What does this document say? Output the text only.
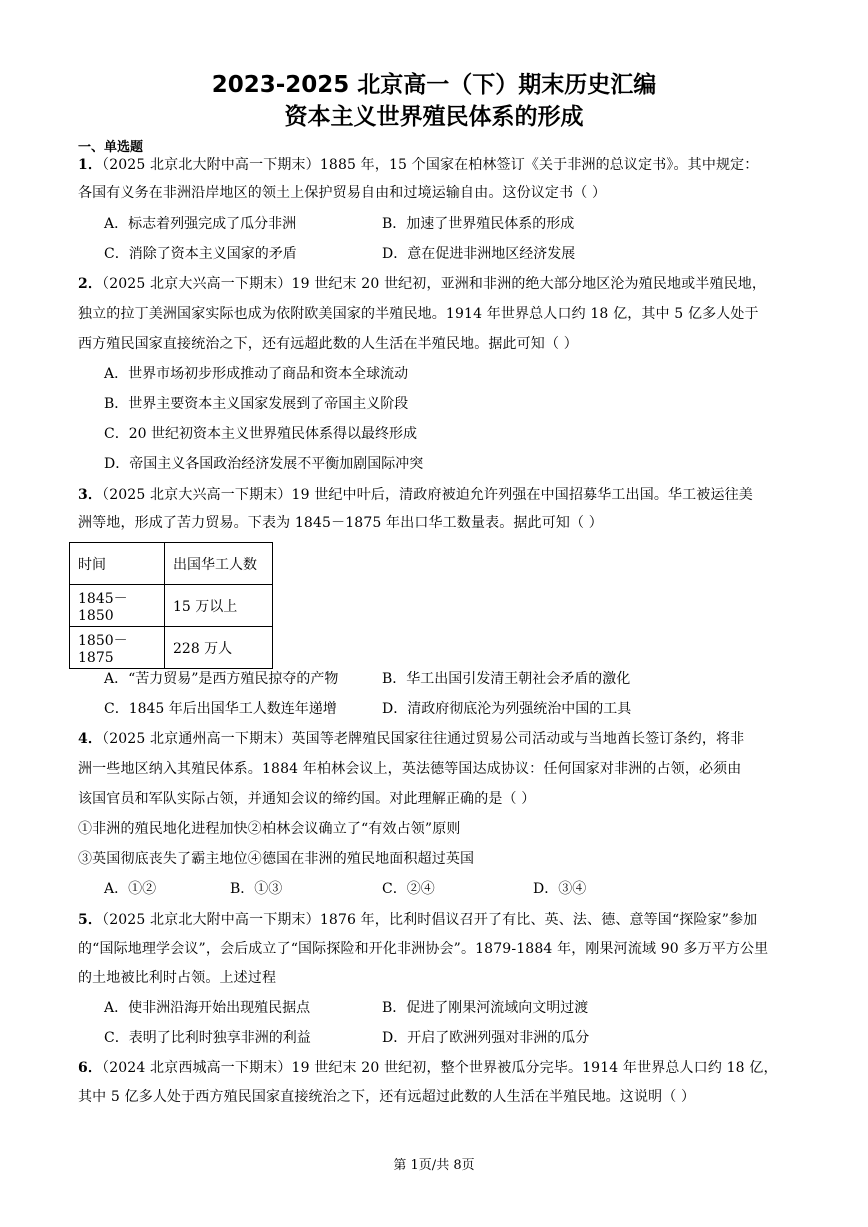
2023-2025 北京高一（下）期末历史汇编
资本主义世界殖民体系的形成
一、单选题
1．（2025 北京北大附中高一下期末）1885 年，15 个国家在柏林签订《关于非洲的总议定书》。其中规定：
各国有义务在非洲沿岸地区的领土上保护贸易自由和过境运输自由。这份议定书（ ）
A．标志着列强完成了瓜分非洲	B．加速了世界殖民体系的形成
C．消除了资本主义国家的矛盾	D．意在促进非洲地区经济发展
2．（2025 北京大兴高一下期末）19 世纪末 20 世纪初，亚洲和非洲的绝大部分地区沦为殖民地或半殖民地，
独立的拉丁美洲国家实际也成为依附欧美国家的半殖民地。1914 年世界总人口约 18 亿，其中 5 亿多人处于
西方殖民国家直接统治之下，还有远超此数的人生活在半殖民地。据此可知（ ）
A．世界市场初步形成推动了商品和资本全球流动
B．世界主要资本主义国家发展到了帝国主义阶段
C．20 世纪初资本主义世界殖民体系得以最终形成
D．帝国主义各国政治经济发展不平衡加剧国际冲突
3．（2025 北京大兴高一下期末）19 世纪中叶后，清政府被迫允许列强在中国招募华工出国。华工被运往美
洲等地，形成了苦力贸易。下表为 1845－1875 年出口华工数量表。据此可知（ ）
时间	出国华工人数
1845－1850	15 万以上
1850－1875	228 万人
A．“苦力贸易”是西方殖民掠夺的产物	B．华工出国引发清王朝社会矛盾的激化
C．1845 年后出国华工人数连年递增	D．清政府彻底沦为列强统治中国的工具
4．（2025 北京通州高一下期末）英国等老牌殖民国家往往通过贸易公司活动或与当地酋长签订条约，将非
洲一些地区纳入其殖民体系。1884 年柏林会议上，英法德等国达成协议：任何国家对非洲的占领，必须由
该国官员和军队实际占领，并通知会议的缔约国。对此理解正确的是（ ）
①非洲的殖民地化进程加快②柏林会议确立了“有效占领”原则
③英国彻底丧失了霸主地位④德国在非洲的殖民地面积超过英国
A．①②	B．①③	C．②④	D．③④
5．（2025 北京北大附中高一下期末）1876 年，比利时倡议召开了有比、英、法、德、意等国“探险家”参加
的“国际地理学会议”，会后成立了“国际探险和开化非洲协会”。1879-1884 年，刚果河流域 90 多万平方公里
的土地被比利时占领。上述过程
A．使非洲沿海开始出现殖民据点	B．促进了刚果河流域向文明过渡
C．表明了比利时独享非洲的利益	D．开启了欧洲列强对非洲的瓜分
6．（2024 北京西城高一下期末）19 世纪末 20 世纪初，整个世界被瓜分完毕。1914 年世界总人口约 18 亿，
其中 5 亿多人处于西方殖民国家直接统治之下，还有远超过此数的人生活在半殖民地。这说明（ ）
第 1页/共 8页
